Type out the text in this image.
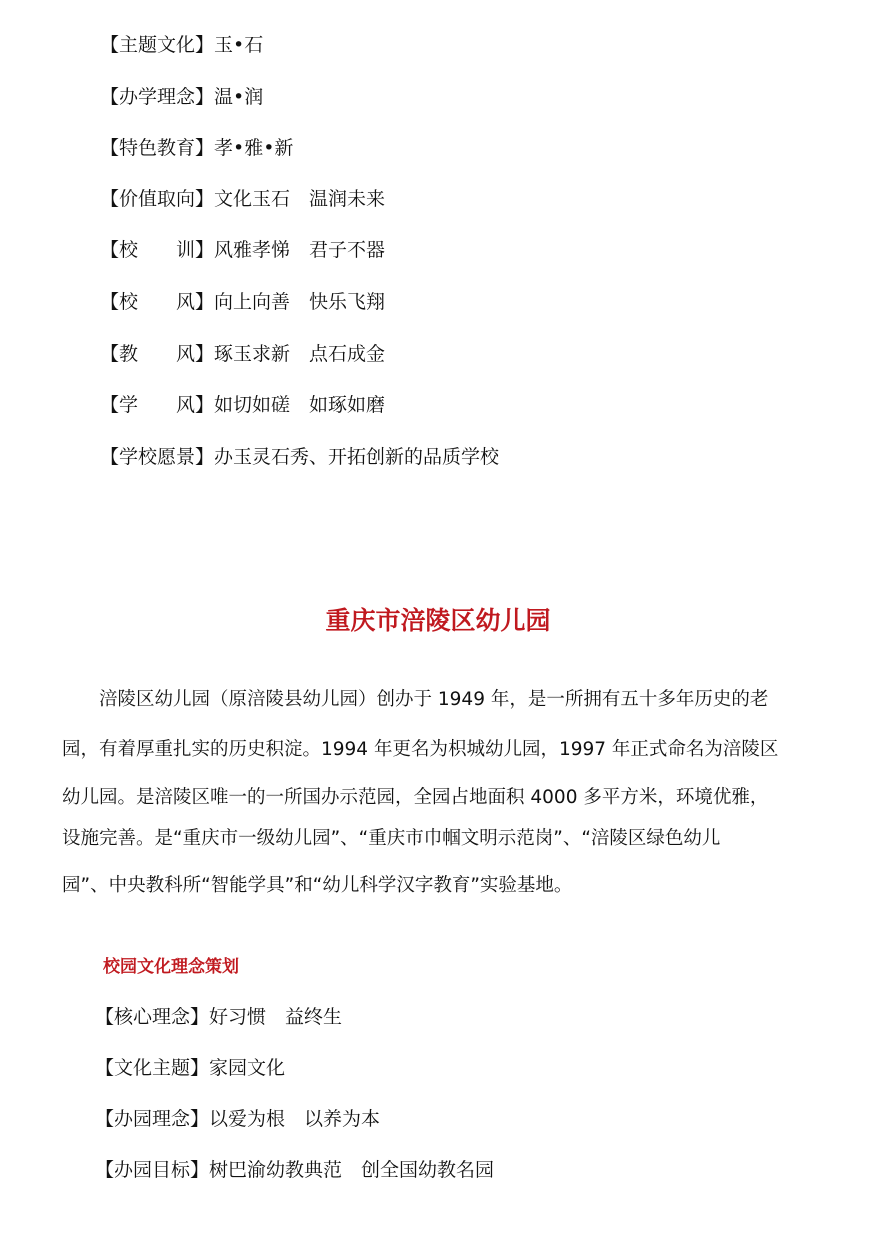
【主题文化】玉•石
【办学理念】温•润
【特色教育】孝•雅•新
【价值取向】文化玉石　温润未来
【校　　训】风雅孝悌　君子不器
【校　　风】向上向善　快乐飞翔
【教　　风】琢玉求新　点石成金
【学　　风】如切如磋　如琢如磨
【学校愿景】办玉灵石秀、开拓创新的品质学校
重庆市涪陵区幼儿园
　　涪陵区幼儿园（原涪陵县幼儿园）创办于 1949 年，是一所拥有五十多年历史的老
园，有着厚重扎实的历史积淀。1994 年更名为枳城幼儿园，1997 年正式命名为涪陵区
幼儿园。是涪陵区唯一的一所国办示范园，全园占地面积 4000 多平方米，环境优雅，
设施完善。是“重庆市一级幼儿园”、“重庆市巾帼文明示范岗”、“涪陵区绿色幼儿
园”、中央教科所“智能学具”和“幼儿科学汉字教育”实验基地。
校园文化理念策划
【核心理念】好习惯　益终生
【文化主题】家园文化
【办园理念】以爱为根　以养为本
【办园目标】树巴渝幼教典范　创全国幼教名园
